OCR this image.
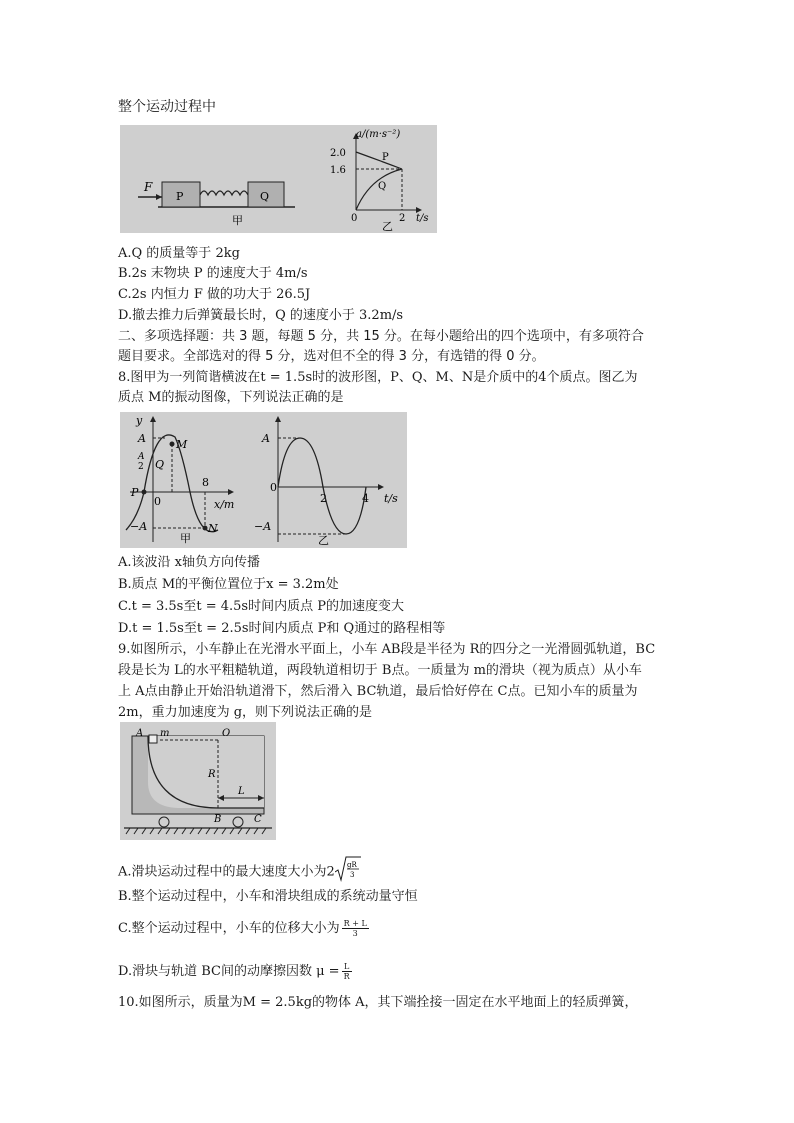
整个运动过程中
F
P	Q
甲
a/(m·s⁻²)
2.0
1.6
P
Q
0	2 t/s
乙
A.Q 的质量等于 2kg
B.2s 末物块 P 的速度大于 4m/s
C.2s 内恒力 F 做的功大于 26.5J
D.撤去推力后弹簧最长时，Q 的速度小于 3.2m/s
二、多项选择题：共 3 题，每题 5 分，共 15 分。在每小题给出的四个选项中，有多项符合
题目要求。全部选对的得 5 分，选对但不全的得 3 分，有选错的得 0 分。
8.图甲为一列简谐横波在t = 1.5s时的波形图，P、Q、M、N是介质中的4个质点。图乙为
质点 M的振动图像，下列说法正确的是
y
A
A
2
−A
M
Q
P
N
0
8
x/m
甲
A
−A
0
2	4 t/s
乙
A.该波沿 x轴负方向传播
B.质点 M的平衡位置位于x = 3.2m处
C.t = 3.5s至t = 4.5s时间内质点 P的加速度变大
D.t = 1.5s至t = 2.5s时间内质点 P和 Q通过的路程相等
9.如图所示，小车静止在光滑水平面上，小车 AB段是半径为 R的四分之一光滑圆弧轨道，BC
段是长为 L的水平粗糙轨道，两段轨道相切于 B点。一质量为 m的滑块（视为质点）从小车
上 A点由静止开始沿轨道滑下，然后滑入 BC轨道，最后恰好停在 C点。已知小车的质量为
2m，重力加速度为 g，则下列说法正确的是
A m	O
R
L
B	C
A.滑块运动过程中的最大速度大小为2 gR
3
B.整个运动过程中，小车和滑块组成的系统动量守恒
C.整个运动过程中，小车的位移大小为 $\frac{R + L}{3}$
D.滑块与轨道 BC间的动摩擦因数 $\mu = \frac{L}{R}$
10.如图所示，质量为M = 2.5kg的物体 A，其下端拴接一固定在水平地面上的轻质弹簧，
